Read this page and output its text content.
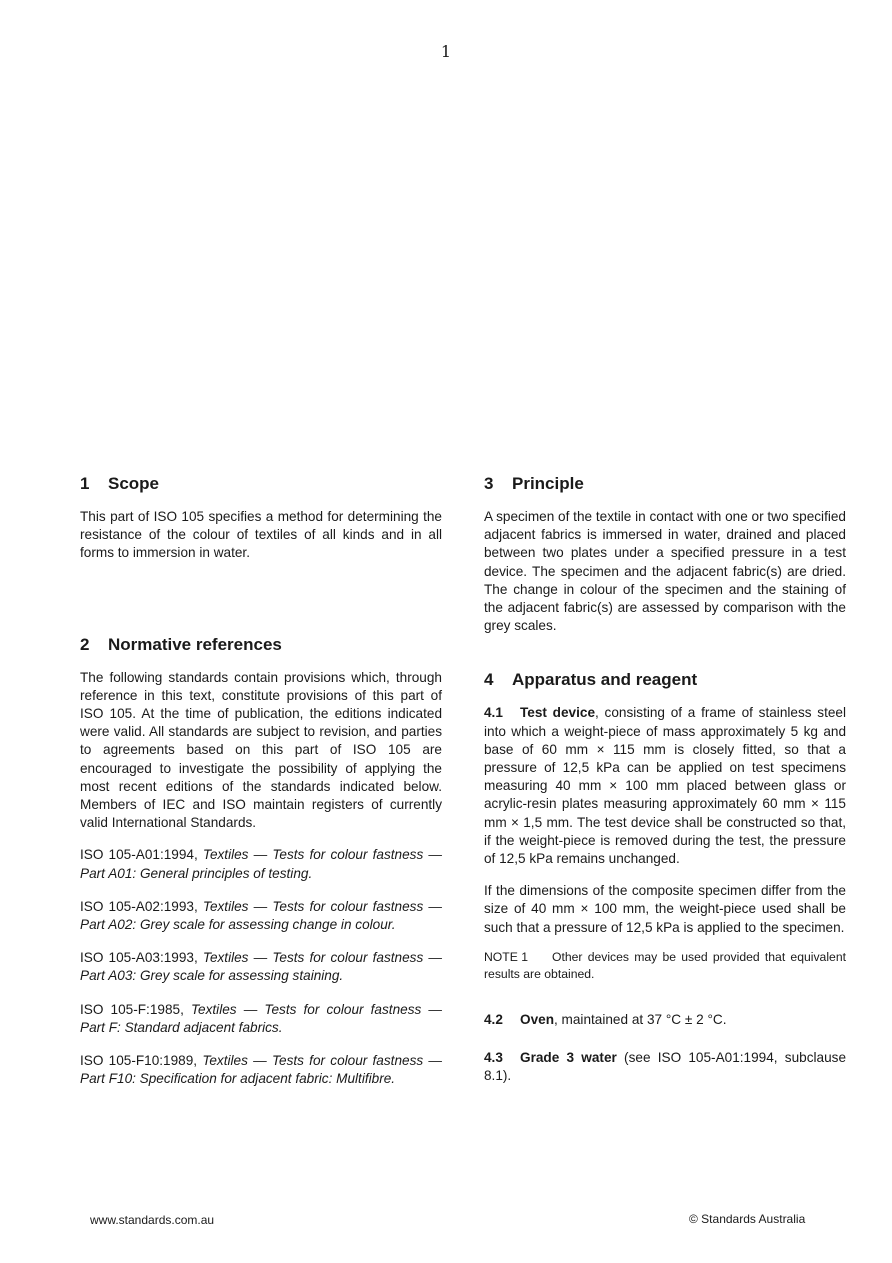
1
1 Scope

This part of ISO 105 specifies a method for determining the resistance of the colour of textiles of all kinds and in all forms to immersion in water.

2 Normative references

The following standards contain provisions which, through reference in this text, constitute provisions of this part of ISO 105. At the time of publication, the editions indicated were valid. All standards are subject to revision, and parties to agreements based on this part of ISO 105 are encouraged to investigate the possibility of applying the most recent editions of the standards indicated below. Members of IEC and ISO maintain registers of currently valid International Standards.

ISO 105-A01:1994, Textiles — Tests for colour fastness — Part A01: General principles of testing.

ISO 105-A02:1993, Textiles — Tests for colour fastness — Part A02: Grey scale for assessing change in colour.

ISO 105-A03:1993, Textiles — Tests for colour fastness — Part A03: Grey scale for assessing staining.

ISO 105-F:1985, Textiles — Tests for colour fastness — Part F: Standard adjacent fabrics.

ISO 105-F10:1989, Textiles — Tests for colour fastness — Part F10: Specification for adjacent fabric: Multifibre.

3 Principle

A specimen of the textile in contact with one or two specified adjacent fabrics is immersed in water, drained and placed between two plates under a specified pressure in a test device. The specimen and the adjacent fabric(s) are dried. The change in colour of the specimen and the staining of the adjacent fabric(s) are assessed by comparison with the grey scales.

4 Apparatus and reagent

4.1 Test device, consisting of a frame of stainless steel into which a weight-piece of mass approximately 5 kg and base of 60 mm × 115 mm is closely fitted, so that a pressure of 12,5 kPa can be applied on test specimens measuring 40 mm × 100 mm placed between glass or acrylic-resin plates measuring approximately 60 mm × 115 mm × 1,5 mm. The test device shall be constructed so that, if the weight-piece is removed during the test, the pressure of 12,5 kPa remains unchanged.

If the dimensions of the composite specimen differ from the size of 40 mm × 100 mm, the weight-piece used shall be such that a pressure of 12,5 kPa is applied to the specimen.

NOTE 1 Other devices may be used provided that equivalent results are obtained.

4.2 Oven, maintained at 37 °C ± 2 °C.

4.3 Grade 3 water (see ISO 105-A01:1994, subclause 8.1).

www.standards.com.au	© Standards Australia
